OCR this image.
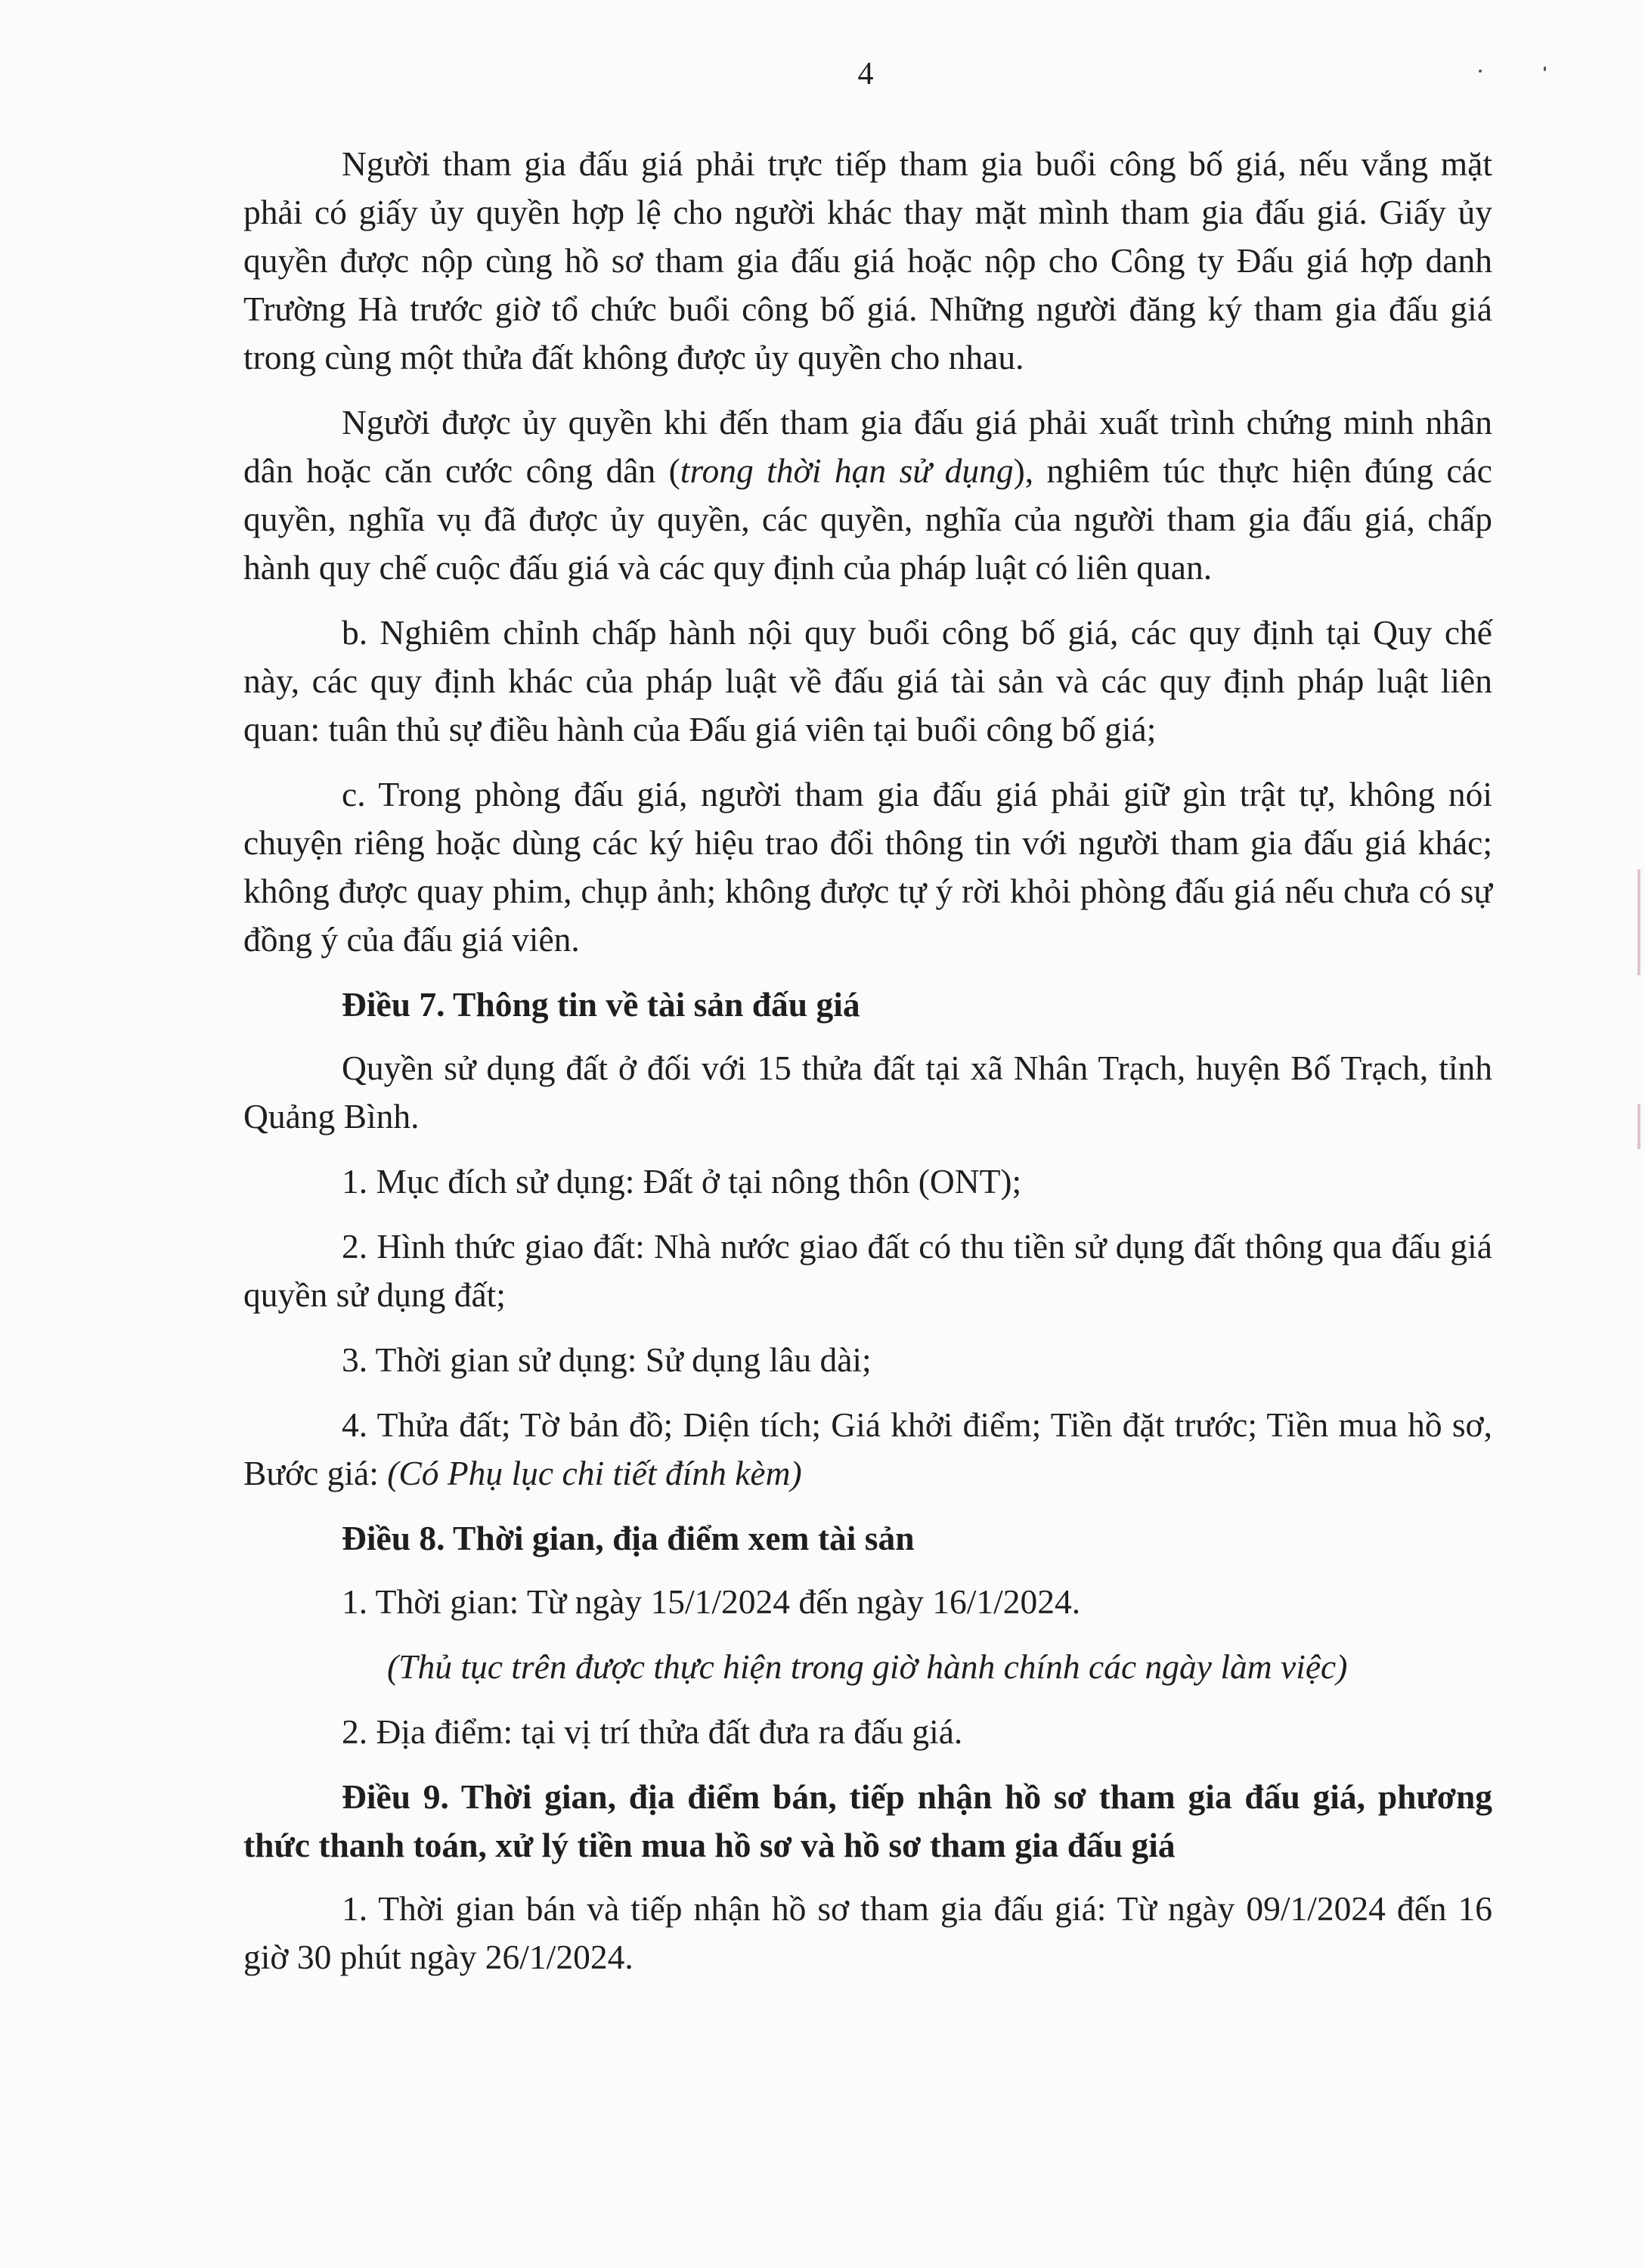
4

Người tham gia đấu giá phải trực tiếp tham gia buổi công bố giá, nếu vắng mặt phải có giấy ủy quyền hợp lệ cho người khác thay mặt mình tham gia đấu giá. Giấy ủy quyền được nộp cùng hồ sơ tham gia đấu giá hoặc nộp cho Công ty Đấu giá hợp danh Trường Hà trước giờ tổ chức buổi công bố giá. Những người đăng ký tham gia đấu giá trong cùng một thửa đất không được ủy quyền cho nhau.

Người được ủy quyền khi đến tham gia đấu giá phải xuất trình chứng minh nhân dân hoặc căn cước công dân (trong thời hạn sử dụng), nghiêm túc thực hiện đúng các quyền, nghĩa vụ đã được ủy quyền, các quyền, nghĩa của người tham gia đấu giá, chấp hành quy chế cuộc đấu giá và các quy định của pháp luật có liên quan.

b. Nghiêm chỉnh chấp hành nội quy buổi công bố giá, các quy định tại Quy chế này, các quy định khác của pháp luật về đấu giá tài sản và các quy định pháp luật liên quan: tuân thủ sự điều hành của Đấu giá viên tại buổi công bố giá;

c. Trong phòng đấu giá, người tham gia đấu giá phải giữ gìn trật tự, không nói chuyện riêng hoặc dùng các ký hiệu trao đổi thông tin với người tham gia đấu giá khác; không được quay phim, chụp ảnh; không được tự ý rời khỏi phòng đấu giá nếu chưa có sự đồng ý của đấu giá viên.

Điều 7. Thông tin về tài sản đấu giá

Quyền sử dụng đất ở đối với 15 thửa đất tại xã Nhân Trạch, huyện Bố Trạch, tỉnh Quảng Bình.

1. Mục đích sử dụng: Đất ở tại nông thôn (ONT);

2. Hình thức giao đất: Nhà nước giao đất có thu tiền sử dụng đất thông qua đấu giá quyền sử dụng đất;

3. Thời gian sử dụng: Sử dụng lâu dài;

4. Thửa đất; Tờ bản đồ; Diện tích; Giá khởi điểm; Tiền đặt trước; Tiền mua hồ sơ, Bước giá: (Có Phụ lục chi tiết đính kèm)

Điều 8. Thời gian, địa điểm xem tài sản

1. Thời gian: Từ ngày 15/1/2024 đến ngày 16/1/2024.

(Thủ tục trên được thực hiện trong giờ hành chính các ngày làm việc)

2. Địa điểm: tại vị trí thửa đất đưa ra đấu giá.

Điều 9. Thời gian, địa điểm bán, tiếp nhận hồ sơ tham gia đấu giá, phương thức thanh toán, xử lý tiền mua hồ sơ và hồ sơ tham gia đấu giá

1. Thời gian bán và tiếp nhận hồ sơ tham gia đấu giá: Từ ngày 09/1/2024 đến 16 giờ 30 phút ngày 26/1/2024.
